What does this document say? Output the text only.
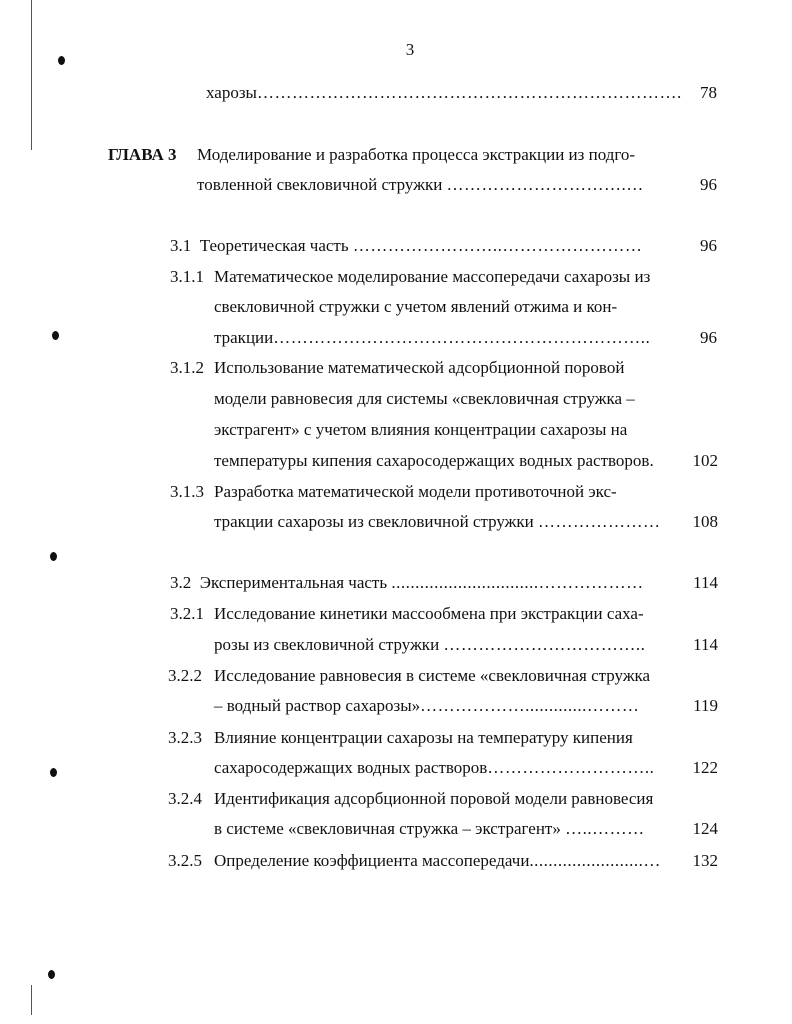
3
харозы……………………………………………………………….	78
ГЛАВА 3 Моделирование и разработка процесса экстракции из подго-
товленной свекловичной стружки ………………………….…	96
3.1 Теоретическая часть ……………………..……………………	96
3.1.1 Математическое моделирование массопередачи сахарозы из
свекловичной стружки с учетом явлений отжима и кон-
тракции………………………………………………………..	96
3.1.2 Использование математической адсорбционной поровой
модели равновесия для системы «свекловичная стружка –
экстрагент» с учетом влияния концентрации сахарозы на
температуры кипения сахаросодержащих водных растворов.	102
3.1.3 Разработка математической модели противоточной экс-
тракции сахарозы из свекловичной стружки …………………	108
3.2 Экспериментальная часть ...............................………………	114
3.2.1 Исследование кинетики массообмена при экстракции саха-
розы из свекловичной стружки ……………………………..	114
3.2.2 Исследование равновесия в системе «свекловичная стружка
– водный раствор сахарозы»……………….............………	119
3.2.3 Влияние концентрации сахарозы на температуру кипения
сахаросодержащих водных растворов………………………..	122
3.2.4 Идентификация адсорбционной поровой модели равновесия
в системе «свекловичная стружка – экстрагент» …..………	124
3.2.5 Определение коэффициента массопередачи........................…	132
